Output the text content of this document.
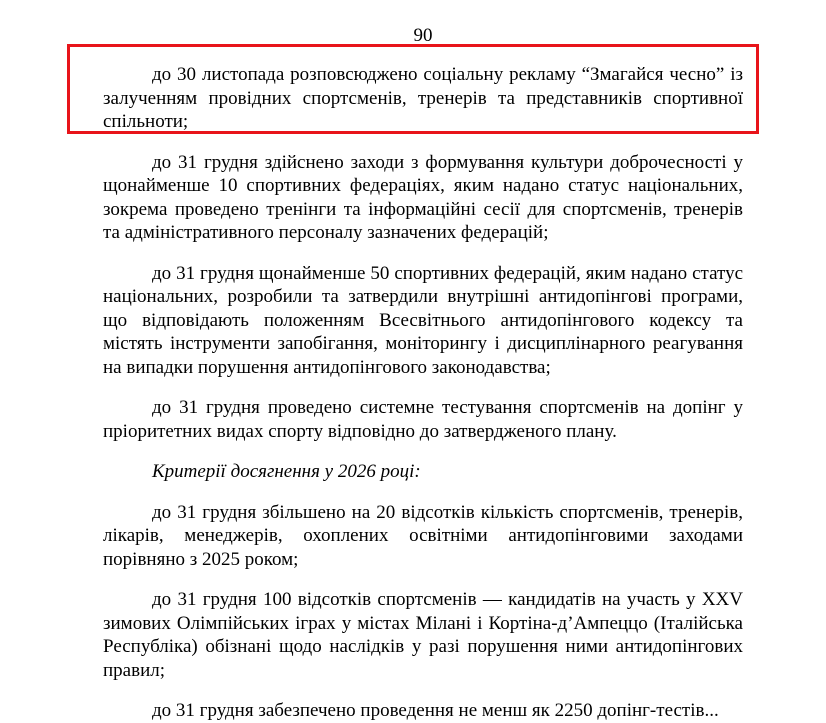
90

до 30 листопада розповсюджено соціальну рекламу “Змагайся чесно” із залученням провідних спортсменів, тренерів та представників спортивної спільноти;

до 31 грудня здійснено заходи з формування культури доброчесності у щонайменше 10 спортивних федераціях, яким надано статус національних, зокрема проведено тренінги та інформаційні сесії для спортсменів, тренерів та адміністративного персоналу зазначених федерацій;

до 31 грудня щонайменше 50 спортивних федерацій, яким надано статус національних, розробили та затвердили внутрішні антидопінгові програми, що відповідають положенням Всесвітнього антидопінгового кодексу та містять інструменти запобігання, моніторингу і дисциплінарного реагування на випадки порушення антидопінгового законодавства;

до 31 грудня проведено системне тестування спортсменів на допінг у пріоритетних видах спорту відповідно до затвердженого плану.

Критерії досягнення у 2026 році:

до 31 грудня збільшено на 20 відсотків кількість спортсменів, тренерів, лікарів, менеджерів, охоплених освітніми антидопінговими заходами порівняно з 2025 роком;

до 31 грудня 100 відсотків спортсменів — кандидатів на участь у XXV зимових Олімпійських іграх у містах Мілані і Кортіна-д’Ампеццо (Італійська Республіка) обізнані щодо наслідків у разі порушення ними антидопінгових правил;

до 31 грудня забезпечено проведення не менш як 2250 допінг-тестів...
